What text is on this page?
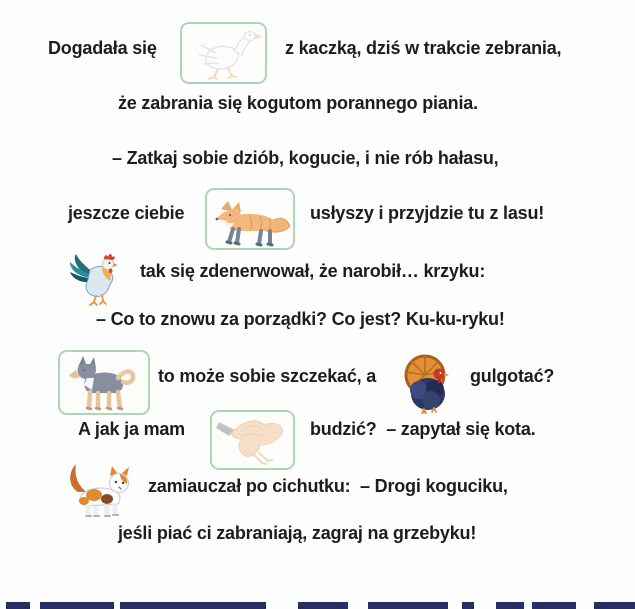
Dogadała się	z kaczką, dziś w trakcie zebrania,
że zabrania się kogutom porannego piania.
– Zatkaj sobie dziób, kogucie, i nie rób hałasu,
jeszcze ciebie	usłyszy i przyjdzie tu z lasu!
tak się zdenerwował, że narobił… krzyku:
– Co to znowu za porządki? Co jest? Ku-ku-ryku!
to może sobie szczekać, a	gulgotać?
A jak ja mam	budzić?  – zapytał się kota.
zamiauczał po cichutku:  – Drogi koguciku,
jeśli piać ci zabraniają, zagraj na grzebyku!
